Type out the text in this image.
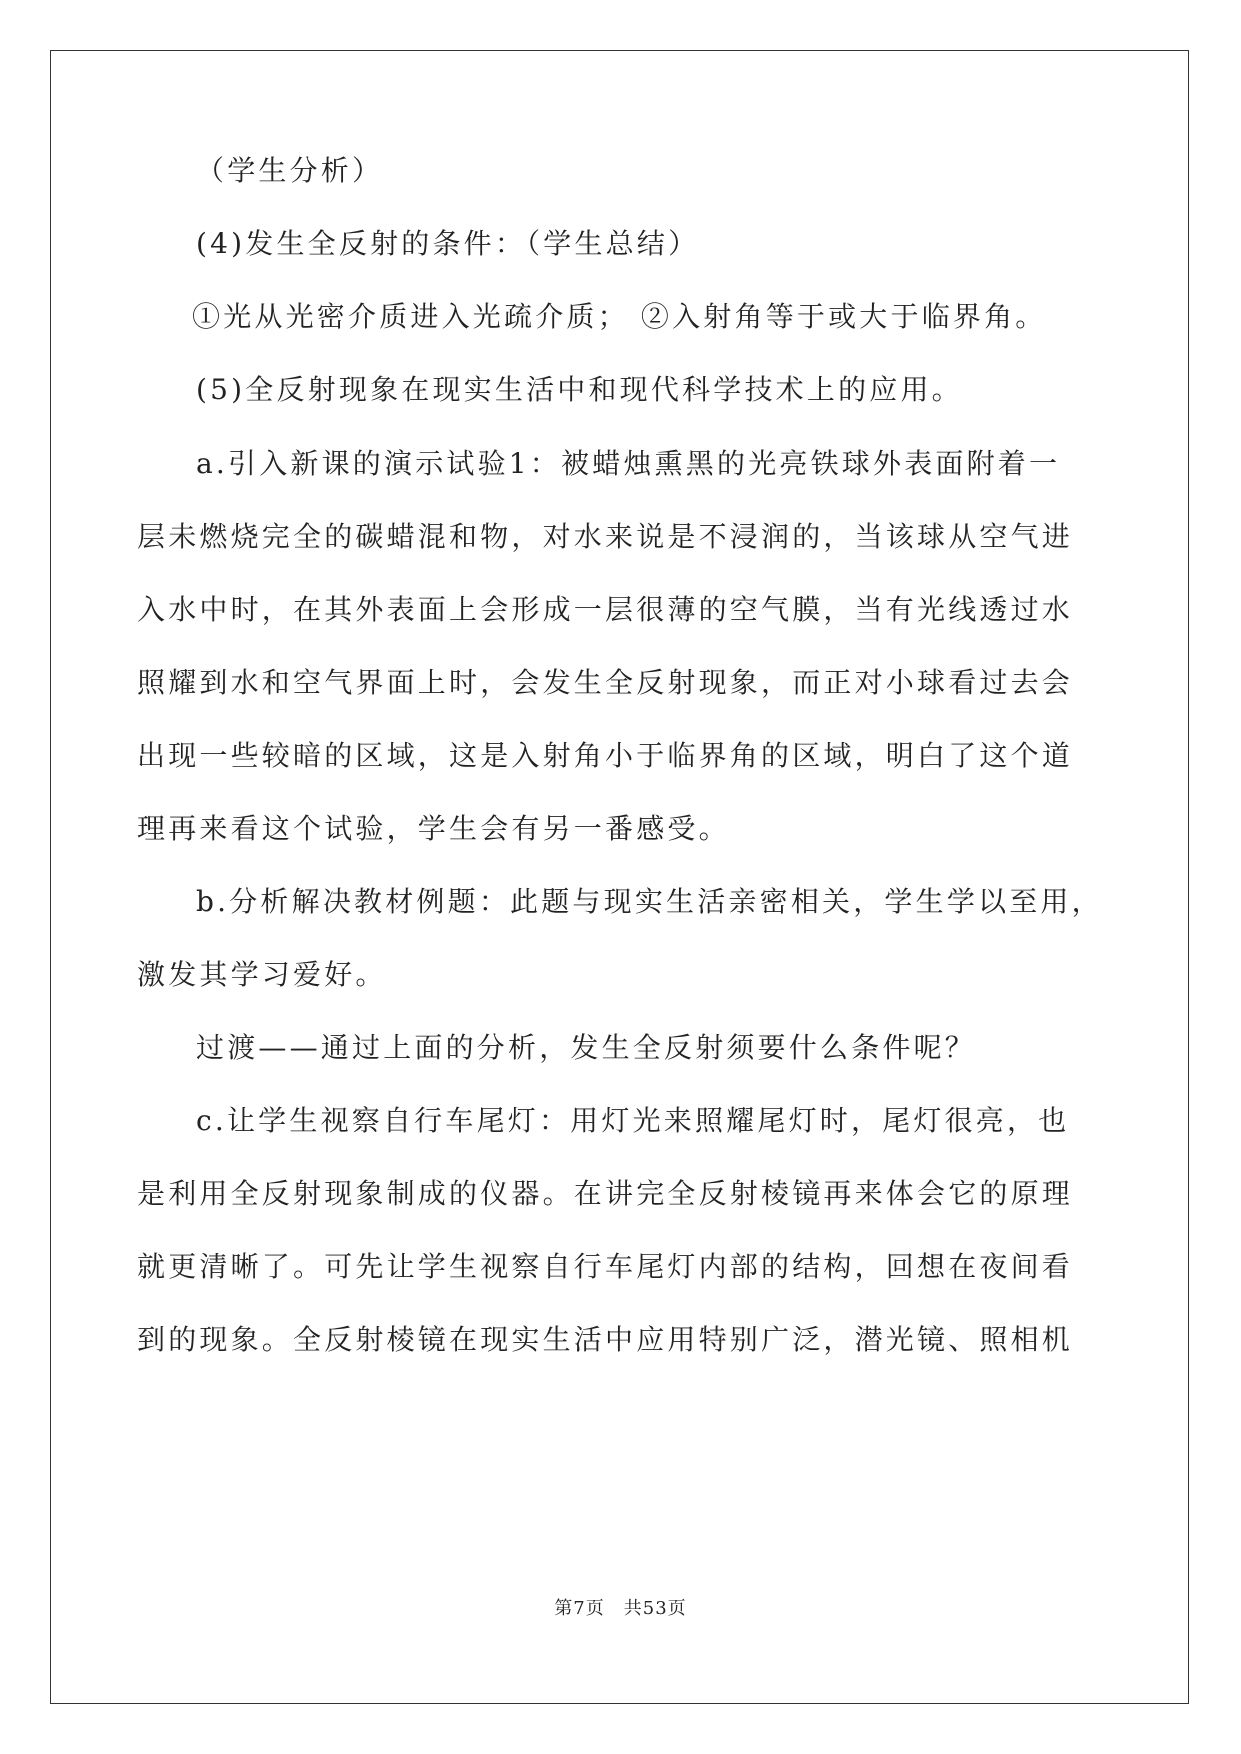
（学生分析）
(4)发生全反射的条件：（学生总结）
①光从光密介质进入光疏介质； ②入射角等于或大于临界角。
(5)全反射现象在现实生活中和现代科学技术上的应用。
a.引入新课的演示试验1：被蜡烛熏黑的光亮铁球外表面附着一
层未燃烧完全的碳蜡混和物，对水来说是不浸润的，当该球从空气进
入水中时，在其外表面上会形成一层很薄的空气膜，当有光线透过水
照耀到水和空气界面上时，会发生全反射现象，而正对小球看过去会
出现一些较暗的区域，这是入射角小于临界角的区域，明白了这个道
理再来看这个试验，学生会有另一番感受。
b.分析解决教材例题：此题与现实生活亲密相关，学生学以至用，
激发其学习爱好。
过渡——通过上面的分析，发生全反射须要什么条件呢？
c.让学生视察自行车尾灯：用灯光来照耀尾灯时，尾灯很亮，也
是利用全反射现象制成的仪器。在讲完全反射棱镜再来体会它的原理
就更清晰了。可先让学生视察自行车尾灯内部的结构，回想在夜间看
到的现象。全反射棱镜在现实生活中应用特别广泛，潜光镜、照相机
第7页　共53页
